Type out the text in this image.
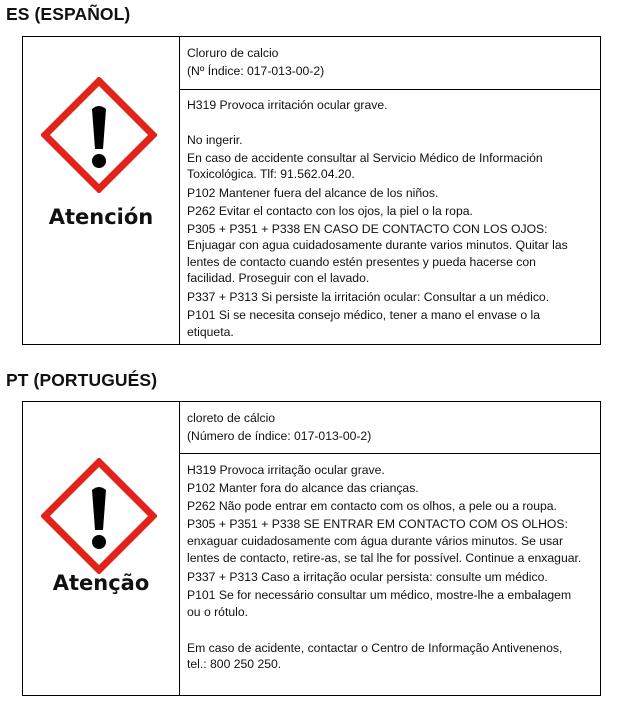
ES (ESPAÑOL)
Atención
Cloruro de calcio
(Nº Índice: 017-013-00-2)
H319 Provoca irritación ocular grave.
No ingerir.
En caso de accidente consultar al Servicio Médico de Información
Toxicológica. Tlf: 91.562.04.20.
P102 Mantener fuera del alcance de los niños.
P262 Evitar el contacto con los ojos, la piel o la ropa.
P305 + P351 + P338 EN CASO DE CONTACTO CON LOS OJOS:
Enjuagar con agua cuidadosamente durante varios minutos. Quitar las
lentes de contacto cuando estén presentes y pueda hacerse con
facilidad. Proseguir con el lavado.
P337 + P313 Si persiste la irritación ocular: Consultar a un médico.
P101 Si se necesita consejo médico, tener a mano el envase o la
etiqueta.
PT (PORTUGUÉS)
Atenção
cloreto de cálcio
(Número de índice: 017-013-00-2)
H319 Provoca irritação ocular grave.
P102 Manter fora do alcance das crianças.
P262 Não pode entrar em contacto com os olhos, a pele ou a roupa.
P305 + P351 + P338 SE ENTRAR EM CONTACTO COM OS OLHOS:
enxaguar cuidadosamente com água durante vários minutos. Se usar
lentes de contacto, retire-as, se tal lhe for possível. Continue a enxaguar.
P337 + P313 Caso a irritação ocular persista: consulte um médico.
P101 Se for necessário consultar um médico, mostre-lhe a embalagem
ou o rótulo.
Em caso de acidente, contactar o Centro de Informação Antivenenos,
tel.: 800 250 250.
